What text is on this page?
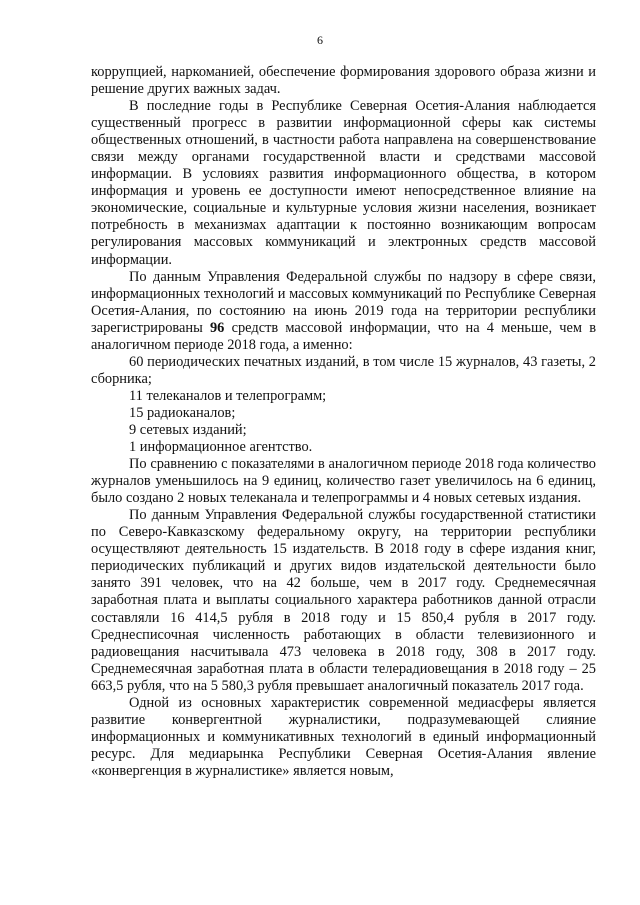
6

коррупцией, наркоманией, обеспечение формирования здорового образа жизни и решение других важных задач.

В последние годы в Республике Северная Осетия-Алания наблюдается существенный прогресс в развитии информационной сферы как системы общественных отношений, в частности работа направлена на совершенствование связи между органами государственной власти и средствами массовой информации. В условиях развития информационного общества, в котором информация и уровень ее доступности имеют непосредственное влияние на экономические, социальные и культурные условия жизни населения, возникает потребность в механизмах адаптации к постоянно возникающим вопросам регулирования массовых коммуникаций и электронных средств массовой информации.

По данным Управления Федеральной службы по надзору в сфере связи, информационных технологий и массовых коммуникаций по Республике Северная Осетия-Алания, по состоянию на июнь 2019 года на территории республики зарегистрированы 96 средств массовой информации, что на 4 меньше, чем в аналогичном периоде 2018 года, а именно:

60 периодических печатных изданий, в том числе 15 журналов, 43 газеты, 2 сборника;

11 телеканалов и телепрограмм;

15 радиоканалов;

9 сетевых изданий;

1 информационное агентство.

По сравнению с показателями в аналогичном периоде 2018 года количество журналов уменьшилось на 9 единиц, количество газет увеличилось на 6 единиц, было создано 2 новых телеканала и телепрограммы и 4 новых сетевых издания.

По данным Управления Федеральной службы государственной статистики по Северо-Кавказскому федеральному округу, на территории республики осуществляют деятельность 15 издательств. В 2018 году в сфере издания книг, периодических публикаций и других видов издательской деятельности было занято 391 человек, что на 42 больше, чем в 2017 году. Среднемесячная заработная плата и выплаты социального характера работников данной отрасли составляли 16 414,5 рубля в 2018 году и 15 850,4 рубля в 2017 году. Среднесписочная численность работающих в области телевизионного и радиовещания насчитывала 473 человека в 2018 году, 308 в 2017 году. Среднемесячная заработная плата в области телерадиовещания в 2018 году – 25 663,5 рубля, что на 5 580,3 рубля превышает аналогичный показатель 2017 года.

Одной из основных характеристик современной медиасферы является развитие конвергентной журналистики, подразумевающей слияние информационных и коммуникативных технологий в единый информационный ресурс. Для медиарынка Республики Северная Осетия-Алания явление «конвергенция в журналистике» является новым,
